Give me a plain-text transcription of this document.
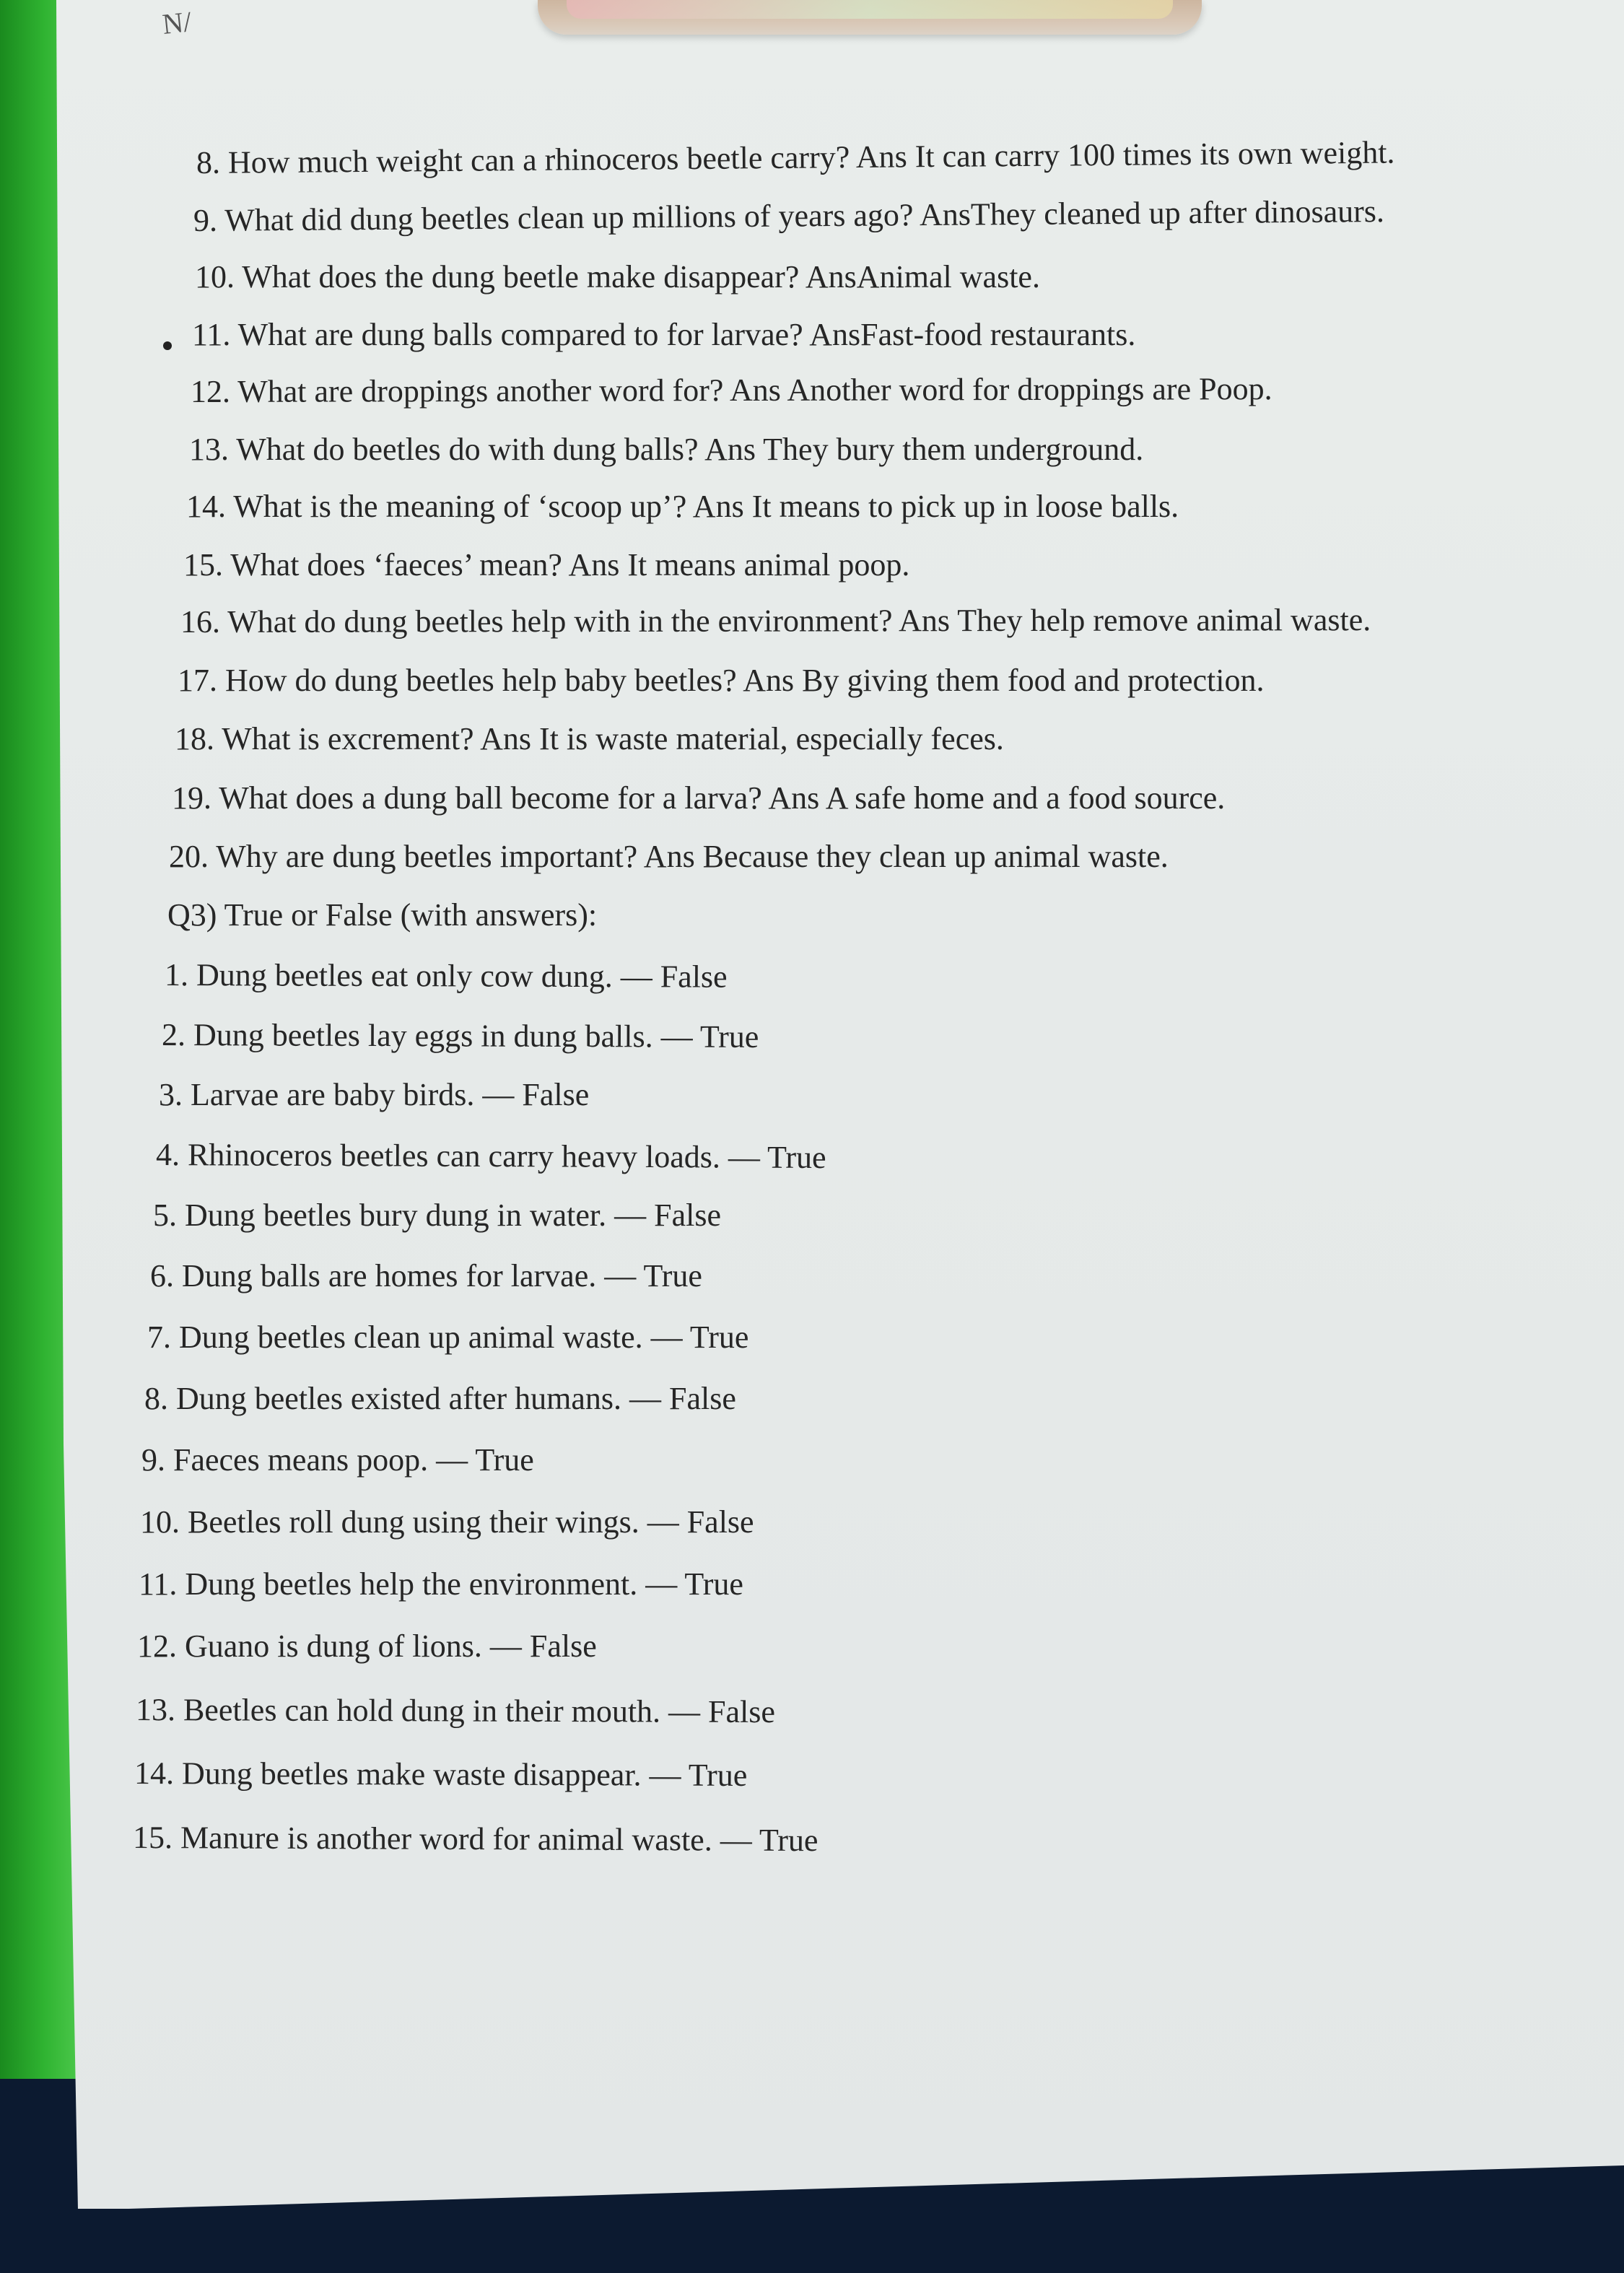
N/
8. How much weight can a rhinoceros beetle carry? Ans It can carry 100 times its own weight.
9. What did dung beetles clean up millions of years ago? AnsThey cleaned up after dinosaurs.
10. What does the dung beetle make disappear? AnsAnimal waste.
11. What are dung balls compared to for larvae? AnsFast-food restaurants.
12. What are droppings another word for? Ans Another word for droppings are Poop.
13. What do beetles do with dung balls? Ans They bury them underground.
14. What is the meaning of ‘scoop up’? Ans It means to pick up in loose balls.
15. What does ‘faeces’ mean? Ans It means animal poop.
16. What do dung beetles help with in the environment? Ans They help remove animal waste.
17. How do dung beetles help baby beetles? Ans By giving them food and protection.
18. What is excrement? Ans It is waste material, especially feces.
19. What does a dung ball become for a larva? Ans A safe home and a food source.
20. Why are dung beetles important? Ans Because they clean up animal waste.
Q3) True or False (with answers):
1. Dung beetles eat only cow dung. — False
2. Dung beetles lay eggs in dung balls. — True
3. Larvae are baby birds. — False
4. Rhinoceros beetles can carry heavy loads. — True
5. Dung beetles bury dung in water. — False
6. Dung balls are homes for larvae. — True
7. Dung beetles clean up animal waste. — True
8. Dung beetles existed after humans. — False
9. Faeces means poop. — True
10. Beetles roll dung using their wings. — False
11. Dung beetles help the environment. — True
12. Guano is dung of lions. — False
13. Beetles can hold dung in their mouth. — False
14. Dung beetles make waste disappear. — True
15. Manure is another word for animal waste. — True
